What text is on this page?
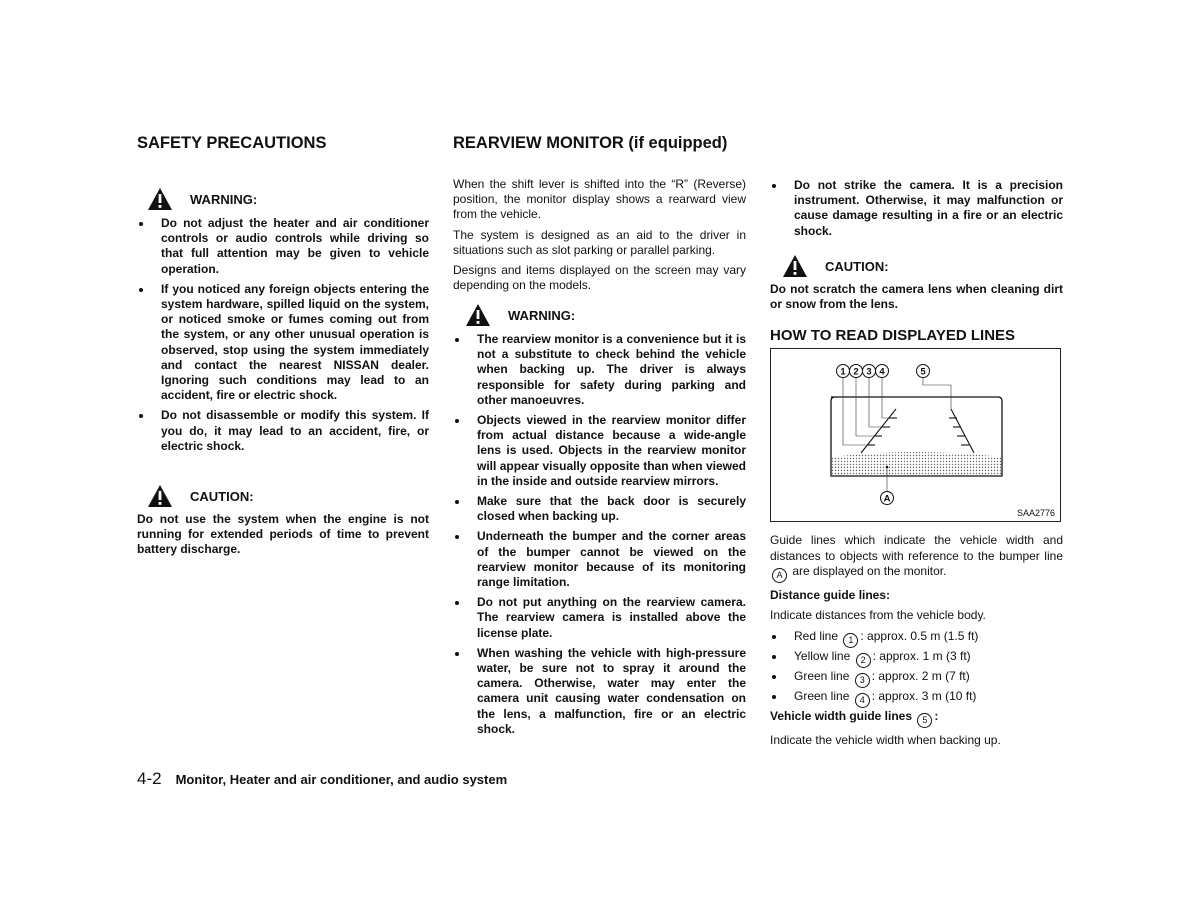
SAFETY PRECAUTIONS
WARNING:
Do not adjust the heater and air conditioner controls or audio controls while driving so that full attention may be given to vehicle operation.
If you noticed any foreign objects entering the system hardware, spilled liquid on the system, or noticed smoke or fumes coming out from the system, or any other unusual operation is observed, stop using the system immediately and contact the nearest NISSAN dealer. Ignoring such conditions may lead to an accident, fire or electric shock.
Do not disassemble or modify this system. If you do, it may lead to an accident, fire, or electric shock.
CAUTION:

Do not use the system when the engine is not running for extended periods of time to prevent battery discharge.

REARVIEW MONITOR (if equipped)

When the shift lever is shifted into the “R” (Reverse) position, the monitor display shows a rearward view from the vehicle.

The system is designed as an aid to the driver in situations such as slot parking or parallel parking.

Designs and items displayed on the screen may vary depending on the models.

WARNING:
The rearview monitor is a convenience but it is not a substitute to check behind the vehicle when backing up. The driver is always responsible for safety during parking and other manoeuvres.
Objects viewed in the rearview monitor differ from actual distance because a wide-angle lens is used. Objects in the rearview monitor will appear visually opposite than when viewed in the inside and outside rearview mirrors.
Make sure that the back door is securely closed when backing up.
Underneath the bumper and the corner areas of the bumper cannot be viewed on the rearview monitor because of its monitoring range limitation.
Do not put anything on the rearview camera. The rearview camera is installed above the license plate.
When washing the vehicle with high-pressure water, be sure not to spray it around the camera. Otherwise, water may enter the camera unit causing water condensation on the lens, a malfunction, fire or an electric shock.
Do not strike the camera. It is a precision instrument. Otherwise, it may malfunction or cause damage resulting in a fire or an electric shock.
CAUTION:

Do not scratch the camera lens when cleaning dirt or snow from the lens.

HOW TO READ DISPLAYED LINES
1 2 3 4	5
A
SAA2776

Guide lines which indicate the vehicle width and distances to objects with reference to the bumper line A are displayed on the monitor.

Distance guide lines:

Indicate distances from the vehicle body.

Red line 1 : approx. 0.5 m (1.5 ft)
Yellow line 2 : approx. 1 m (3 ft)
Green line 3 : approx. 2 m (7 ft)
Green line 4 : approx. 3 m (10 ft)

Vehicle width guide lines 5 :

Indicate the vehicle width when backing up.

4-2 Monitor, Heater and air conditioner, and audio system
